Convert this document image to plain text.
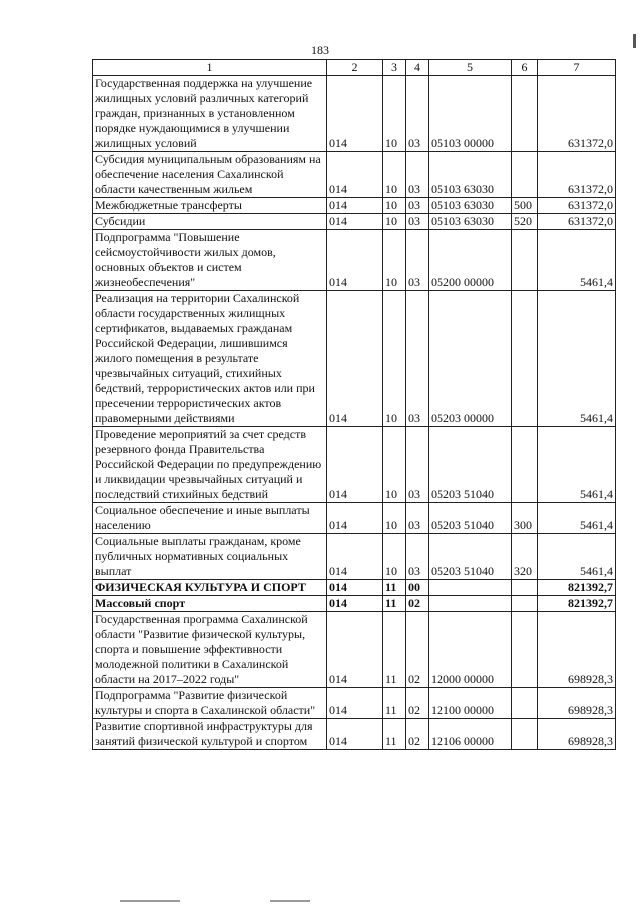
183
1	2	3	4	5	6	7
Государственная поддержка на улучшение жилищных условий различных категорий граждан, признанных в установленном порядке нуждающимися в улучшении жилищных условий	014	10	03	05103 00000		631372,0
Субсидия муниципальным образованиям на обеспечение населения Сахалинской области качественным жильем	014	10	03	05103 63030		631372,0
Межбюджетные трансферты	014	10	03	05103 63030	500	631372,0
Субсидии	014	10	03	05103 63030	520	631372,0
Подпрограмма "Повышение сейсмоустойчивости жилых домов, основных объектов и систем жизнеобеспечения"	014	10	03	05200 00000		5461,4
Реализация на территории Сахалинской области государственных жилищных сертификатов, выдаваемых гражданам Российской Федерации, лишившимся жилого помещения в результате чрезвычайных ситуаций, стихийных бедствий, террористических актов или при пресечении террористических актов правомерными действиями	014	10	03	05203 00000		5461,4
Проведение мероприятий за счет средств резервного фонда Правительства Российской Федерации по предупреждению и ликвидации чрезвычайных ситуаций и последствий стихийных бедствий	014	10	03	05203 51040		5461,4
Социальное обеспечение и иные выплаты населению	014	10	03	05203 51040	300	5461,4
Социальные выплаты гражданам, кроме публичных нормативных социальных выплат	014	10	03	05203 51040	320	5461,4
ФИЗИЧЕСКАЯ КУЛЬТУРА И СПОРТ	014	11	00			821392,7
Массовый спорт	014	11	02			821392,7
Государственная программа Сахалинской области "Развитие физической культуры, спорта и повышение эффективности молодежной политики в Сахалинской области на 2017–2022 годы"	014	11	02	12000 00000		698928,3
Подпрограмма "Развитие физической культуры и спорта в Сахалинской области"	014	11	02	12100 00000		698928,3
Развитие спортивной инфраструктуры для занятий физической культурой и спортом	014	11	02	12106 00000		698928,3
